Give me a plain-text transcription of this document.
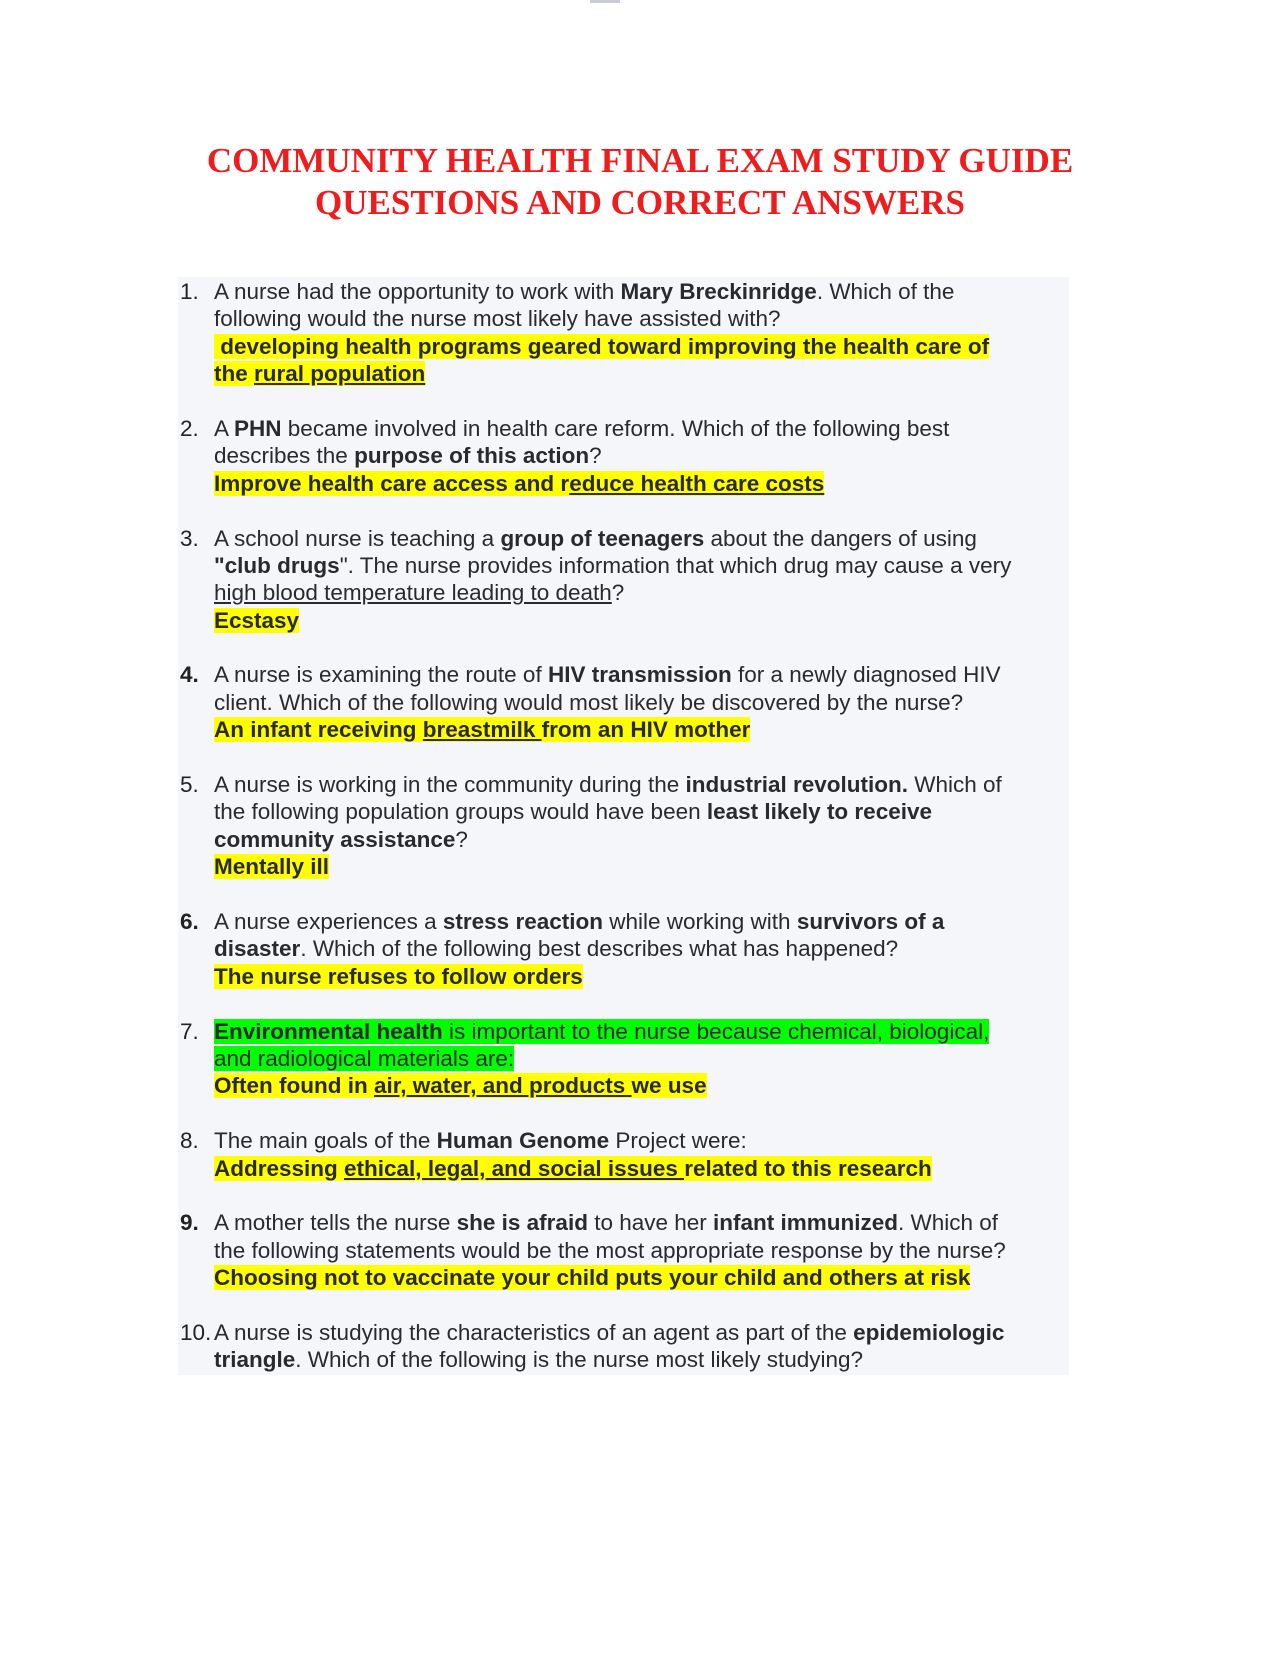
COMMUNITY HEALTH FINAL EXAM STUDY GUIDE
QUESTIONS AND CORRECT ANSWERS
1. A nurse had the opportunity to work with Mary Breckinridge. Which of the
following would the nurse most likely have assisted with?
developing health programs geared toward improving the health care of
the rural population
2. A PHN became involved in health care reform. Which of the following best
describes the purpose of this action?
Improve health care access and reduce health care costs
3. A school nurse is teaching a group of teenagers about the dangers of using
"club drugs". The nurse provides information that which drug may cause a very
high blood temperature leading to death?
Ecstasy
4. A nurse is examining the route of HIV transmission for a newly diagnosed HIV
client. Which of the following would most likely be discovered by the nurse?
An infant receiving breastmilk from an HIV mother
5. A nurse is working in the community during the industrial revolution. Which of
the following population groups would have been least likely to receive
community assistance?
Mentally ill
6. A nurse experiences a stress reaction while working with survivors of a
disaster. Which of the following best describes what has happened?
The nurse refuses to follow orders
7. Environmental health is important to the nurse because chemical, biological,
and radiological materials are:
Often found in air, water, and products we use
8. The main goals of the Human Genome Project were:
Addressing ethical, legal, and social issues related to this research
9. A mother tells the nurse she is afraid to have her infant immunized. Which of
the following statements would be the most appropriate response by the nurse?
Choosing not to vaccinate your child puts your child and others at risk
10. A nurse is studying the characteristics of an agent as part of the epidemiologic
triangle. Which of the following is the nurse most likely studying?
